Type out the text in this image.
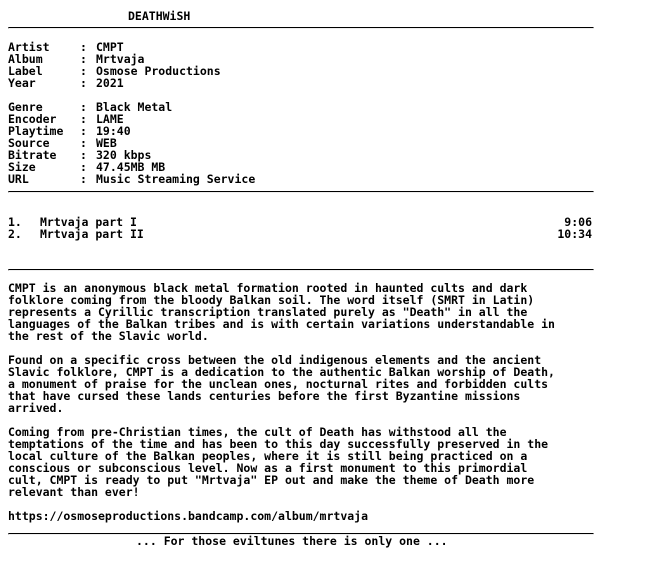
DEATHWiSH
Artist	: CMPT
Album	: Mrtvaja
Label	: Osmose Productions
Year	: 2021
Genre	: Black Metal
Encoder	: LAME
Playtime	: 19:40
Source	: WEB
Bitrate	: 320 kbps
Size	: 47.45MB MB
URL	: Music Streaming Service
1.	Mrtvaja part I	9:06
2.	Mrtvaja part II	10:34
CMPT is an anonymous black metal formation rooted in haunted cults and dark
folklore coming from the bloody Balkan soil. The word itself (SMRT in Latin)
represents a Cyrillic transcription translated purely as "Death" in all the
languages of the Balkan tribes and is with certain variations understandable in
the rest of the Slavic world.
Found on a specific cross between the old indigenous elements and the ancient
Slavic folklore, CMPT is a dedication to the authentic Balkan worship of Death,
a monument of praise for the unclean ones, nocturnal rites and forbidden cults
that have cursed these lands centuries before the first Byzantine missions
arrived.
Coming from pre-Christian times, the cult of Death has withstood all the
temptations of the time and has been to this day successfully preserved in the
local culture of the Balkan peoples, where it is still being practiced on a
conscious or subconscious level. Now as a first monument to this primordial
cult, CMPT is ready to put "Mrtvaja" EP out and make the theme of Death more
relevant than ever!
https://osmoseproductions.bandcamp.com/album/mrtvaja
... For those eviltunes there is only one ...
